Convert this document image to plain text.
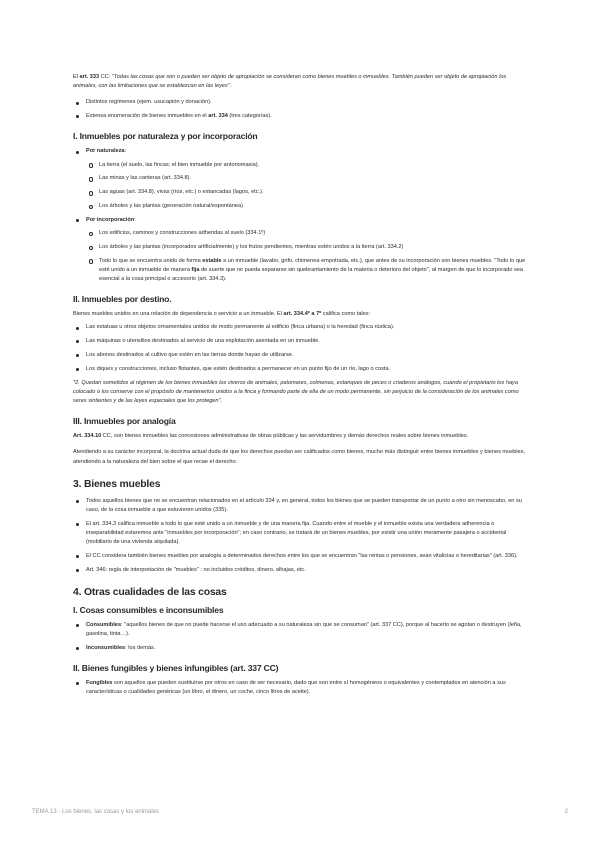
El art. 333 CC: "Todas las cosas que son o pueden ser objeto de apropiación se consideran como bienes muebles o inmuebles. También pueden ser objeto de apropiación los animales, con las limitaciones que se establezcan en las leyes".

Distintos regímenes (ejem. usucapión y donación).
Extensa enumeración de bienes inmuebles en el art. 334 (tres categorías).
I. Inmuebles por naturaleza y por incorporación
Por naturaleza:
La tierra (el suelo, las fincas; el bien inmueble por antonomasia).
Las minas y las canteras (art. 334.8).
Las aguas (art. 334.8), vivas (ríos, etc.) o estancadas (lagos, etc.).
Los árboles y las plantas (generación natural/espontánea)
Por incorporación:
Los edificios, caminos y construcciones adheridas al suelo (334.1º)
Los árboles y las plantas (incorporados artificialmente) y los frutos pendientes, mientras estén unidos a la tierra (art. 334.2)
Todo lo que se encuentra unido de forma estable a un inmueble (lavabo, grifo, chimenea empotrada, etc.), que antes de su incorporación son bienes muebles. "Todo lo que esté unido a un inmueble de manera fija de suerte que no pueda separarse sin quebrantamiento de la materia o deterioro del objeto", al margen de que lo incorporado sea esencial a la cosa principal o accesorio (art. 334.3).
II. Inmuebles por destino.

Bienes muebles unidos en una relación de dependencia o servicio a un inmueble. El art. 334.4º a 7º califica como tales:

Las estatuas u otros objetos ornamentales unidos de modo permanente al edificio (finca urbana) o la heredad (finca rústica).
Las máquinas o utensilios destinados al servicio de una explotación asentada en un inmueble.
Los abonos destinados al cultivo que estén en las tierras donde hayan de utilizarse.
Los diques y construcciones, incluso flotantes, que estén destinados a permanecer en un punto fijo de un río, lago o costa.

*2. Quedan sometidos al régimen de los bienes inmuebles los viveros de animales, palomares, colmenas, estanques de peces o criaderos análogos, cuando el propietario los haya colocado o los conserve con el propósito de mantenerlos unidos a la finca y formando parte de ella de un modo permanente, sin perjuicio de la consideración de los animales como seres sintientes y de las leyes especiales que los protegen".

III. Inmuebles por analogía

Art. 334.10 CC, son bienes inmuebles las concesiones administrativas de obras públicas y las servidumbres y demás derechos reales sobre bienes inmuebles.

Atendiendo a su carácter incorporal, la doctrina actual duda de que los derechos puedan ser calificados como bienes, mucho más distinguir entre bienes inmuebles y bienes muebles, atendiendo a la naturaleza del bien sobre el que recae el derecho.

3. Bienes muebles
Todos aquellos bienes que no se encuentran relacionados en el artículo 334 y, en general, todos los bienes que se pueden transportar de un punto a otro sin menoscabo, en su caso, de la cosa inmueble a que estuvieren unidos (335).
El art. 334.3 califica inmueble a todo lo que esté unido a un inmueble y de una manera fija. Cuando entre el mueble y el inmueble exista una verdadera adherencia o inseparabilidad estaremos ante "inmuebles por incorporación"; en caso contrario, se tratará de un bienes muebles, por existir una unión meramente pasajera o accidental (mobiliario de una vivienda alquilada).
El CC considera también bienes muebles por analogía a determinados derechos entre los que se encuentran "las rentas o pensiones, sean vitalicias o hereditarias" (art. 336).
Art. 346: regla de interpretación de "muebles" : no incluidos créditos, dinero, alhajas, etc.
4. Otras cualidades de las cosas
I. Cosas consumibles e inconsumibles
Consumibles: "aquellos bienes de que no puede hacerse el uso adecuado a su naturaleza sin que se consuman" (art. 337 CC), porque al hacerlo se agotan o destruyen (leña, gasolina, tinta…).
Inconsumibles: los demás.
II. Bienes fungibles y bienes infungibles (art. 337 CC)
Fungibles son aquellos que pueden sustituirse por otros en caso de ser necesario, dado que son entre sí homogéneos o equivalentes y contemplados en atención a sus características o cualidades genéricas (un libro, el dinero, un coche, cinco litros de aceite).
TEMA 13 - Los bienes, las cosas y los animales	2
